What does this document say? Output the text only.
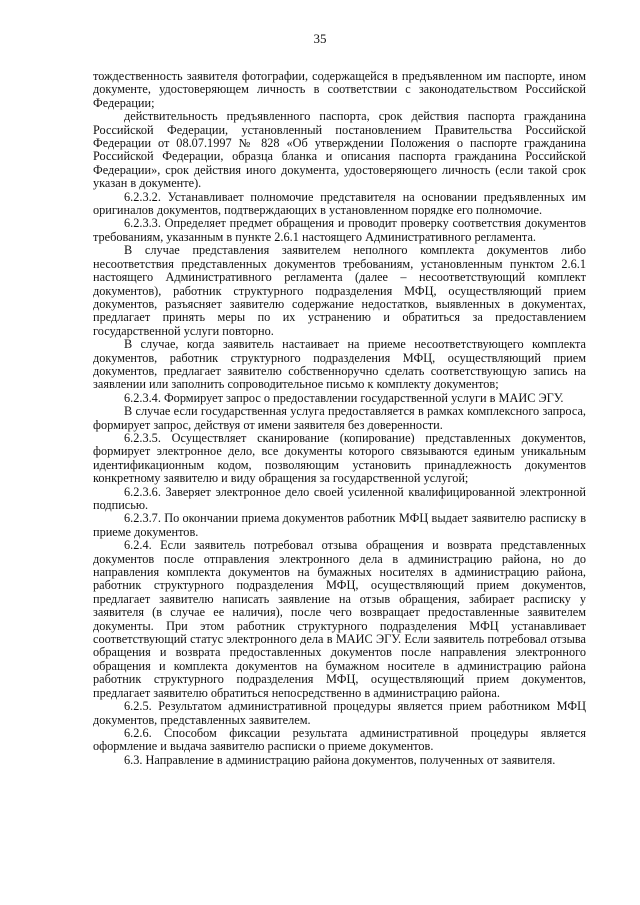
35

тождественность заявителя фотографии, содержащейся в предъявленном им паспорте, ином документе, удостоверяющем личность в соответствии с законодательством Российской Федерации;

действительность предъявленного паспорта, срок действия паспорта гражданина Российской Федерации, установленный постановлением Правительства Российской Федерации от 08.07.1997 № 828 «Об утверждении Положения о паспорте гражданина Российской Федерации, образца бланка и описания паспорта гражданина Российской Федерации», срок действия иного документа, удостоверяющего личность (если такой срок указан в документе).

6.2.3.2. Устанавливает полномочие представителя на основании предъявленных им оригиналов документов, подтверждающих в установленном порядке его полномочие.

6.2.3.3. Определяет предмет обращения и проводит проверку соответствия документов требованиям, указанным в пункте 2.6.1 настоящего Административного регламента.

В случае представления заявителем неполного комплекта документов либо несоответствия представленных документов требованиям, установленным пунктом 2.6.1 настоящего Административного регламента (далее – несоответствующий комплект документов), работник структурного подразделения МФЦ, осуществляющий прием документов, разъясняет заявителю содержание недостатков, выявленных в документах, предлагает принять меры по их устранению и обратиться за предоставлением государственной услуги повторно.

В случае, когда заявитель настаивает на приеме несоответствующего комплекта документов, работник структурного подразделения МФЦ, осуществляющий прием документов, предлагает заявителю собственноручно сделать соответствующую запись на заявлении или заполнить сопроводительное письмо к комплекту документов;

6.2.3.4. Формирует запрос о предоставлении государственной услуги в МАИС ЭГУ.

В случае если государственная услуга предоставляется в рамках комплексного запроса, формирует запрос, действуя от имени заявителя без доверенности.

6.2.3.5. Осуществляет сканирование (копирование) представленных документов, формирует электронное дело, все документы которого связываются единым уникальным идентификационным кодом, позволяющим установить принадлежность документов конкретному заявителю и виду обращения за государственной услугой;

6.2.3.6. Заверяет электронное дело своей усиленной квалифицированной электронной подписью.

6.2.3.7. По окончании приема документов работник МФЦ выдает заявителю расписку в приеме документов.

6.2.4. Если заявитель потребовал отзыва обращения и возврата представленных документов после отправления электронного дела в администрацию района, но до направления комплекта документов на бумажных носителях в администрацию района, работник структурного подразделения МФЦ, осуществляющий прием документов, предлагает заявителю написать заявление на отзыв обращения, забирает расписку у заявителя (в случае ее наличия), после чего возвращает предоставленные заявителем документы. При этом работник структурного подразделения МФЦ устанавливает соответствующий статус электронного дела в МАИС ЭГУ. Если заявитель потребовал отзыва обращения и возврата предоставленных документов после направления электронного обращения и комплекта документов на бумажном носителе в администрацию района работник структурного подразделения МФЦ, осуществляющий прием документов, предлагает заявителю обратиться непосредственно в администрацию района.

6.2.5. Результатом административной процедуры является прием работником МФЦ документов, представленных заявителем.

6.2.6. Способом фиксации результата административной процедуры является оформление и выдача заявителю расписки о приеме документов.

6.3. Направление в администрацию района документов, полученных от заявителя.
